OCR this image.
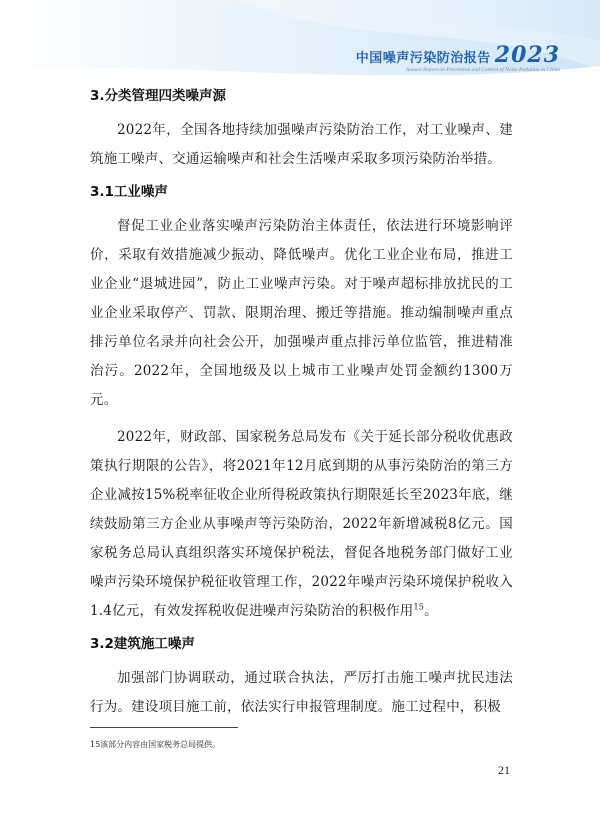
中国噪声污染防治报告 2023
Annual Report on Prevention and Control of Noise Pollution in China
3.分类管理四类噪声源

2022年，全国各地持续加强噪声污染防治工作，对工业噪声、建筑施工噪声、交通运输噪声和社会生活噪声采取多项污染防治举措。

3.1工业噪声

督促工业企业落实噪声污染防治主体责任，依法进行环境影响评价，采取有效措施减少振动、降低噪声。优化工业企业布局，推进工业企业“退城进园”，防止工业噪声污染。对于噪声超标排放扰民的工业企业采取停产、罚款、限期治理、搬迁等措施。推动编制噪声重点排污单位名录并向社会公开，加强噪声重点排污单位监管，推进精准治污。2022年，全国地级及以上城市工业噪声处罚金额约1300万元。

2022年，财政部、国家税务总局发布《关于延长部分税收优惠政策执行期限的公告》，将2021年12月底到期的从事污染防治的第三方企业减按15%税率征收企业所得税政策执行期限延长至2023年底，继续鼓励第三方企业从事噪声等污染防治，2022年新增减税8亿元。国家税务总局认真组织落实环境保护税法，督促各地税务部门做好工业噪声污染环境保护税征收管理工作，2022年噪声污染环境保护税收入1.4亿元，有效发挥税收促进噪声污染防治的积极作用$^{15}$。

3.2建筑施工噪声

加强部门协调联动，通过联合执法，严厉打击施工噪声扰民违法行为。建设项目施工前，依法实行申报管理制度。施工过程中，积极

15该部分内容由国家税务总局提供。
21
